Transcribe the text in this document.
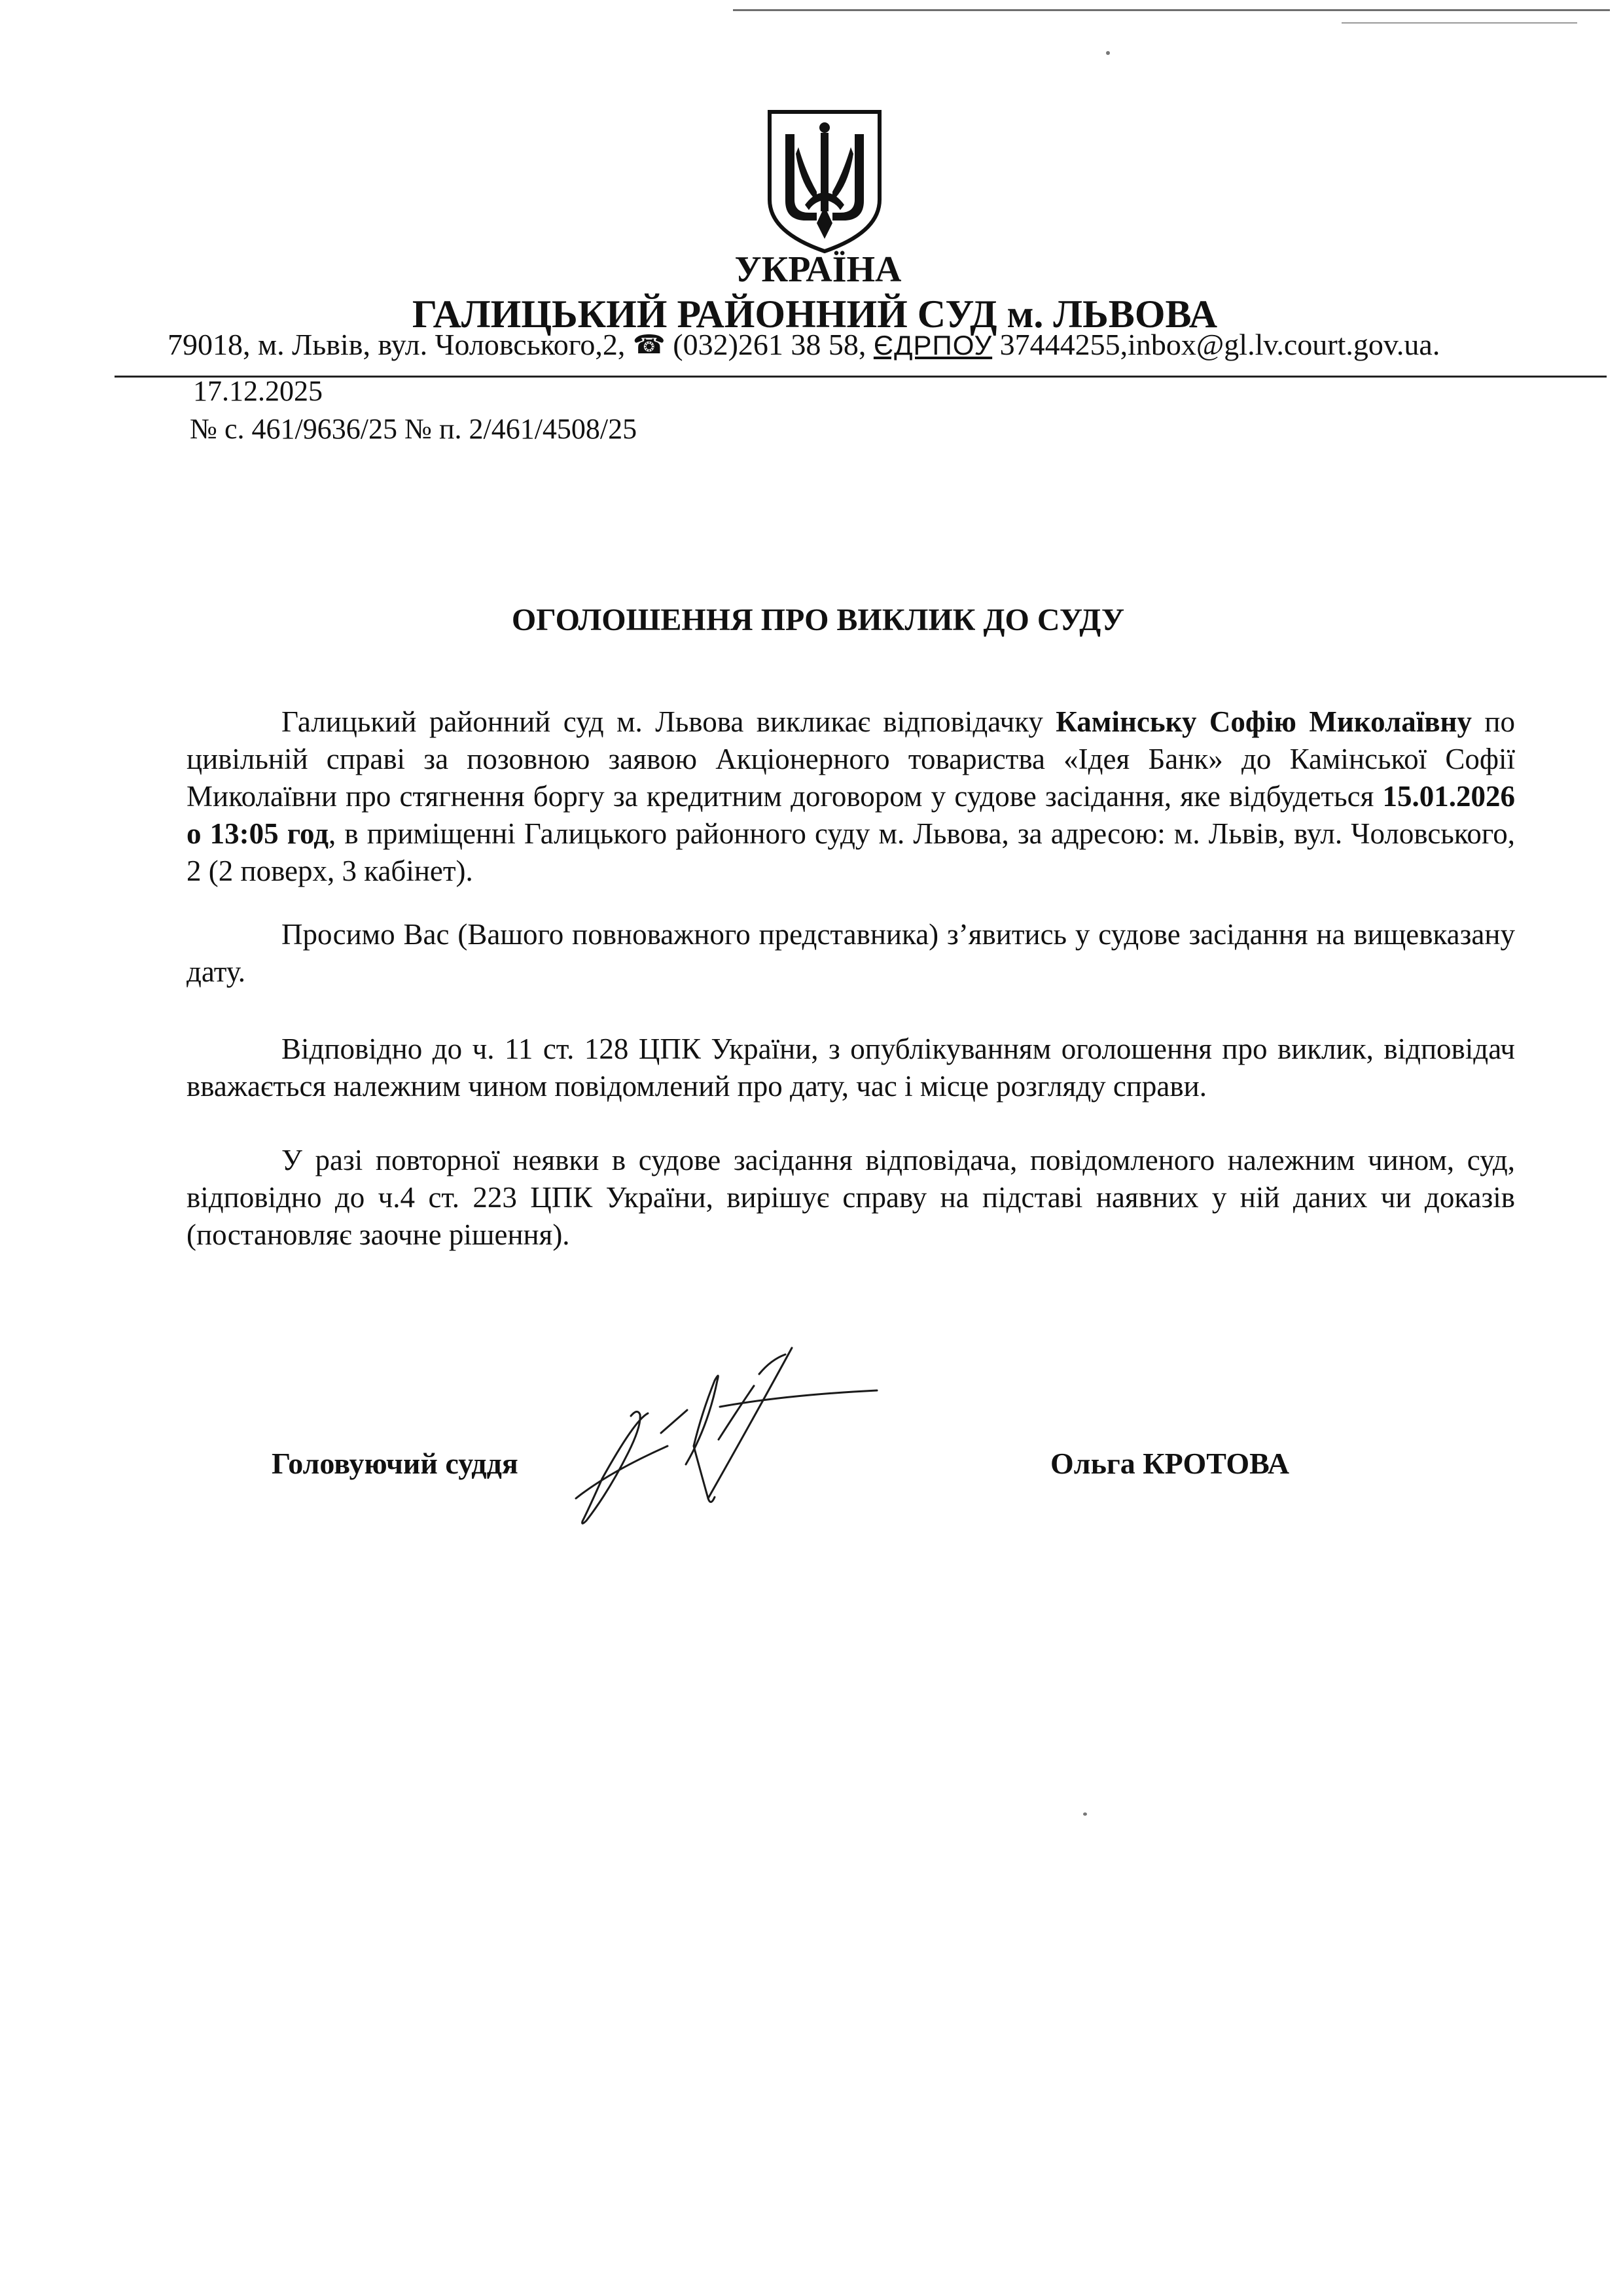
УКРАЇНА
ГАЛИЦЬКИЙ РАЙОННИЙ СУД м. ЛЬВОВА
79018, м. Львів, вул. Чоловського,2, ☎ (032)261 38 58, ЄДРПОУ 37444255,inbox@gl.lv.court.gov.ua.
17.12.2025
№ с. 461/9636/25 № п. 2/461/4508/25
ОГОЛОШЕННЯ ПРО ВИКЛИК ДО СУДУ

Галицький районний суд м. Львова викликає відповідачку Камінську Софію Миколаївну по цивільній справі за позовною заявою Акціонерного товариства «Ідея Банк» до Камінської Софії Миколаївни про стягнення боргу за кредитним договором у судове засідання, яке відбудеться 15.01.2026 о 13:05 год, в приміщенні Галицького районного суду м. Львова, за адресою: м. Львів, вул. Чоловського, 2 (2 поверх, 3 кабінет).

Просимо Вас (Вашого повноважного представника) з’явитись у судове засідання на вищевказану дату.

Відповідно до ч. 11 ст. 128 ЦПК України, з опублікуванням оголошення про виклик, відповідач вважається належним чином повідомлений про дату, час і місце розгляду справи.

У разі повторної неявки в судове засідання відповідача, повідомленого належним чином, суд, відповідно до ч.4 ст. 223 ЦПК України, вирішує справу на підставі наявних у ній даних чи доказів (постановляє заочне рішення).

Головуючий суддя	Ольга КРОТОВА
